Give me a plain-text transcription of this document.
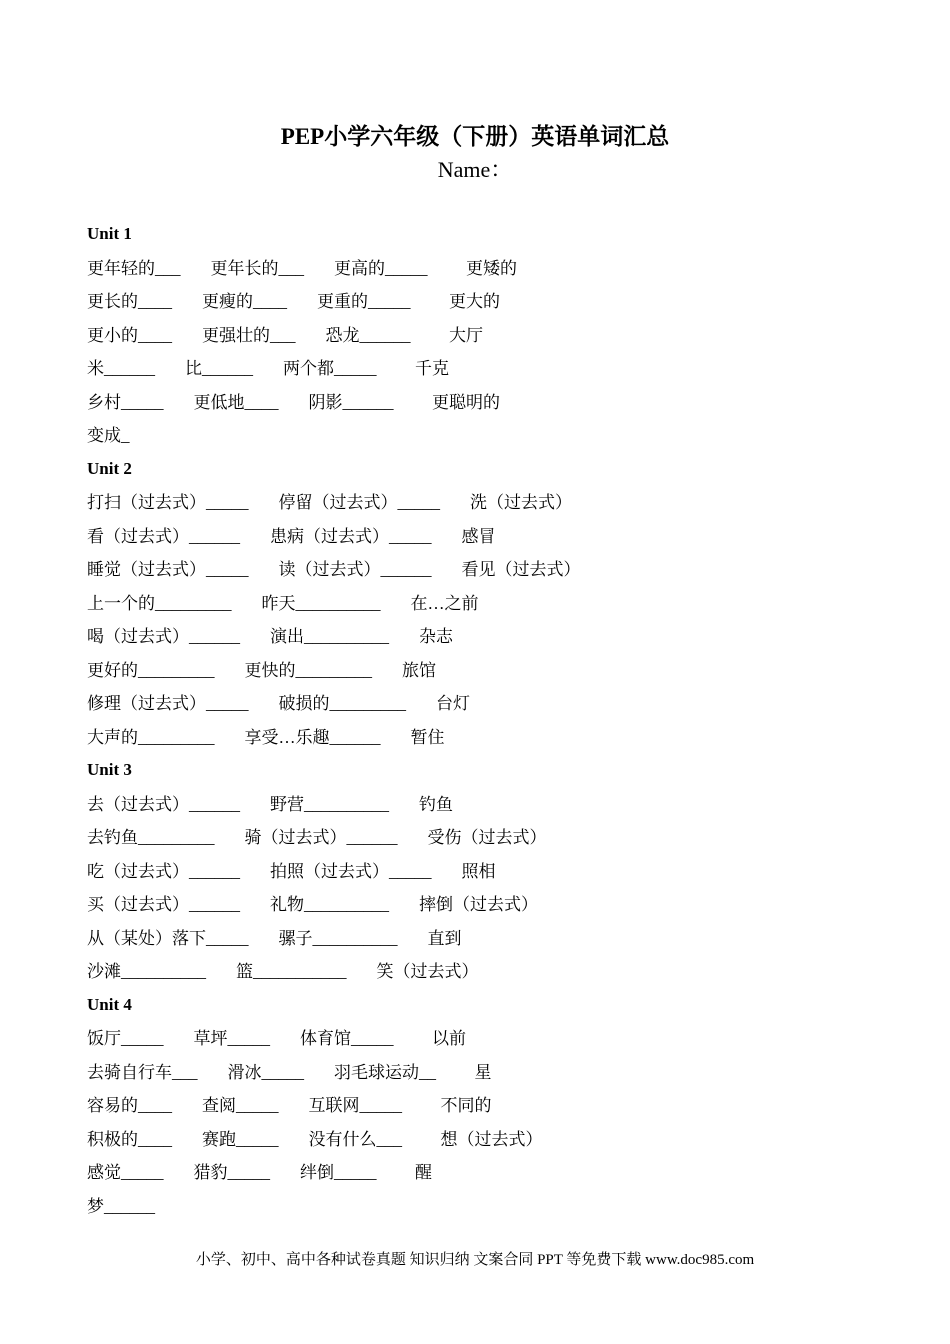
PEP小学六年级（下册）英语单词汇总
Name：
Unit 1
更年轻的___ 更年长的___ 更高的_____ 更矮的
更长的____ 更瘦的____ 更重的_____ 更大的
更小的____ 更强壮的___ 恐龙______ 大厅
米______ 比______ 两个都_____ 千克
乡村_____ 更低地____ 阴影______ 更聪明的
变成_
Unit 2
打扫（过去式）_____ 停留（过去式）_____ 洗（过去式）
看（过去式）______ 患病（过去式）_____ 感冒
睡觉（过去式）_____ 读（过去式）______ 看见（过去式）
上一个的_________ 昨天__________ 在…之前
喝（过去式）______ 演出__________ 杂志
更好的_________ 更快的_________ 旅馆
修理（过去式）_____ 破损的_________ 台灯
大声的_________ 享受…乐趣______ 暂住
Unit 3
去（过去式）______ 野营__________ 钓鱼
去钓鱼_________ 骑（过去式）______ 受伤（过去式）
吃（过去式）______ 拍照（过去式）_____ 照相
买（过去式）______ 礼物__________ 摔倒（过去式）
从（某处）落下_____ 骡子__________ 直到
沙滩__________ 篮___________ 笑（过去式）
Unit 4
饭厅_____ 草坪_____ 体育馆_____ 以前
去骑自行车___ 滑冰_____ 羽毛球运动__ 星
容易的____ 查阅_____ 互联网_____ 不同的
积极的____ 赛跑_____ 没有什么___ 想（过去式）
感觉_____ 猎豹_____ 绊倒_____ 醒
梦______
小学、初中、高中各种试卷真题 知识归纳 文案合同 PPT 等免费下载 www.doc985.com
